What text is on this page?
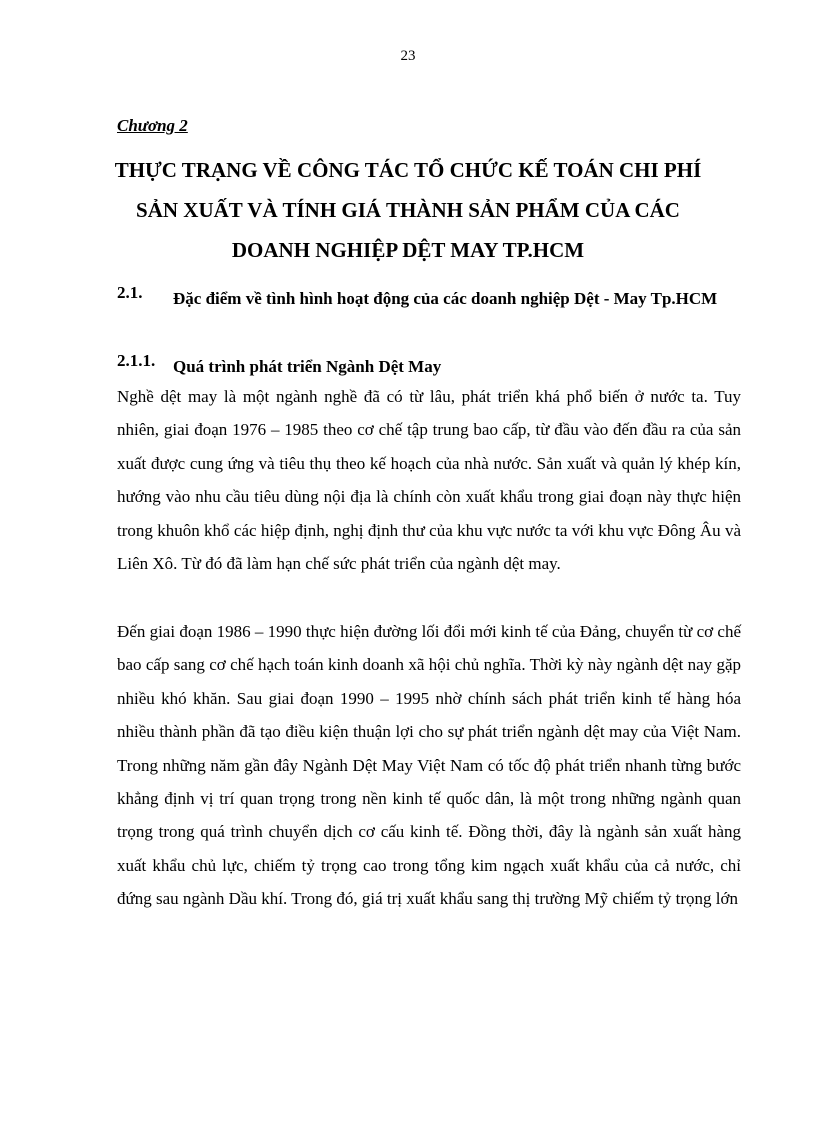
23
Chương 2
THỰC TRẠNG VỀ CÔNG TÁC TỔ CHỨC KẾ TOÁN CHI PHÍ SẢN XUẤT VÀ TÍNH GIÁ THÀNH SẢN PHẨM CỦA CÁC DOANH NGHIỆP DỆT MAY TP.HCM
2.1. Đặc điểm về tình hình hoạt động của các doanh nghiệp Dệt - May Tp.HCM
2.1.1. Quá trình phát triển Ngành Dệt May

Nghề dệt may là một ngành nghề đã có từ lâu, phát triển khá phổ biến ở nước ta. Tuy nhiên, giai đoạn 1976 – 1985 theo cơ chế tập trung bao cấp, từ đầu vào đến đầu ra của sản xuất được cung ứng và tiêu thụ theo kế hoạch của nhà nước. Sản xuất và quản lý khép kín, hướng vào nhu cầu tiêu dùng nội địa là chính còn xuất khẩu trong giai đoạn này thực hiện trong khuôn khổ các hiệp định, nghị định thư của khu vực nước ta với khu vực Đông Âu và Liên Xô. Từ đó đã làm hạn chế sức phát triển của ngành dệt may.

Đến giai đoạn 1986 – 1990 thực hiện đường lối đổi mới kinh tế của Đảng, chuyển từ cơ chế bao cấp sang cơ chế hạch toán kinh doanh xã hội chủ nghĩa. Thời kỳ này ngành dệt nay gặp nhiều khó khăn. Sau giai đoạn 1990 – 1995 nhờ chính sách phát triển kinh tế hàng hóa nhiều thành phần đã tạo điều kiện thuận lợi cho sự phát triển ngành dệt may của Việt Nam. Trong những năm gần đây Ngành Dệt May Việt Nam có tốc độ phát triển nhanh từng bước khẳng định vị trí quan trọng trong nền kinh tế quốc dân, là một trong những ngành quan trọng trong quá trình chuyển dịch cơ cấu kinh tế. Đồng thời, đây là ngành sản xuất hàng xuất khẩu chủ lực, chiếm tỷ trọng cao trong tổng kim ngạch xuất khẩu của cả nước, chỉ đứng sau ngành Dầu khí. Trong đó, giá trị xuất khẩu sang thị trường Mỹ chiếm tỷ trọng lớn
